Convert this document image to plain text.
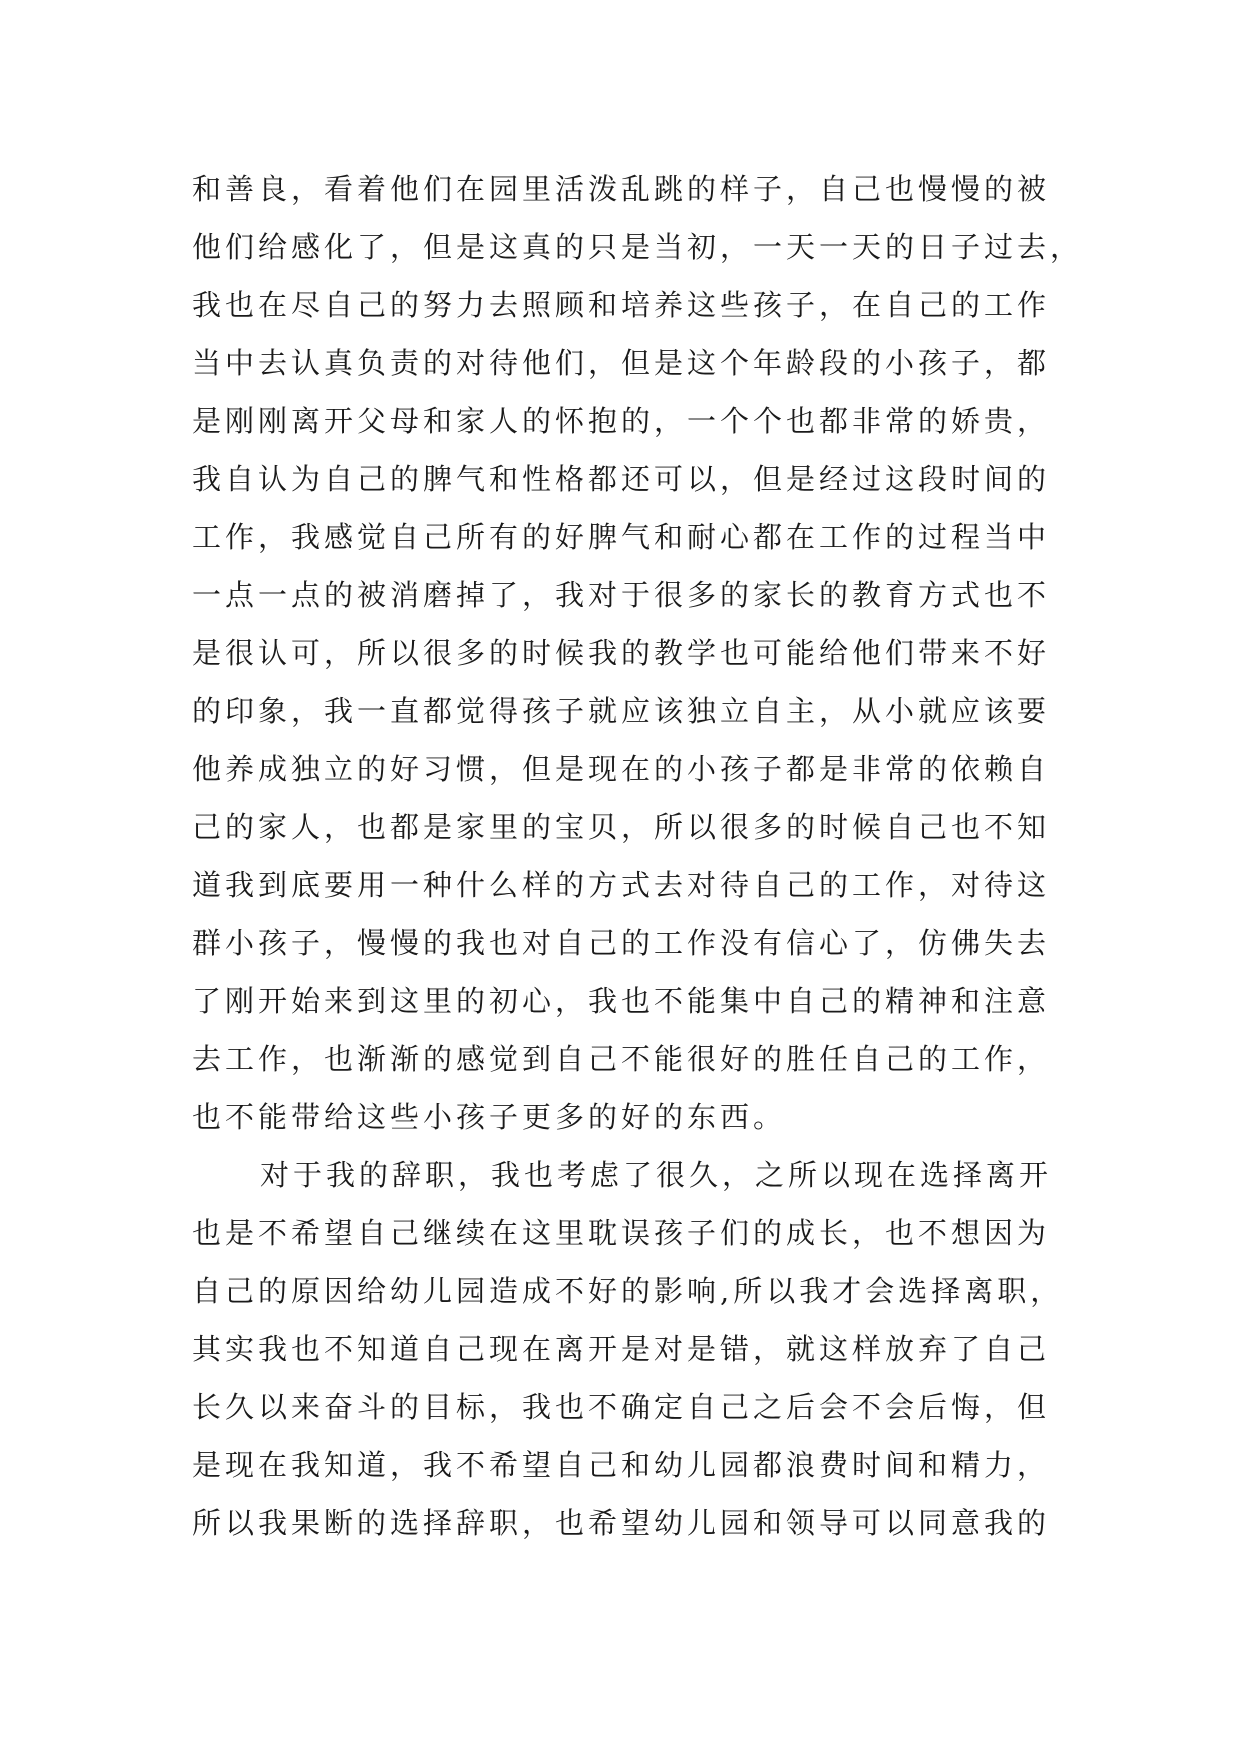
和善良，看着他们在园里活泼乱跳的样子，自己也慢慢的被
他们给感化了，但是这真的只是当初，一天一天的日子过去，
我也在尽自己的努力去照顾和培养这些孩子，在自己的工作
当中去认真负责的对待他们，但是这个年龄段的小孩子，都
是刚刚离开父母和家人的怀抱的，一个个也都非常的娇贵，
我自认为自己的脾气和性格都还可以，但是经过这段时间的
工作，我感觉自己所有的好脾气和耐心都在工作的过程当中
一点一点的被消磨掉了，我对于很多的家长的教育方式也不
是很认可，所以很多的时候我的教学也可能给他们带来不好
的印象，我一直都觉得孩子就应该独立自主，从小就应该要
他养成独立的好习惯，但是现在的小孩子都是非常的依赖自
己的家人，也都是家里的宝贝，所以很多的时候自己也不知
道我到底要用一种什么样的方式去对待自己的工作，对待这
群小孩子，慢慢的我也对自己的工作没有信心了，仿佛失去
了刚开始来到这里的初心，我也不能集中自己的精神和注意
去工作，也渐渐的感觉到自己不能很好的胜任自己的工作，
也不能带给这些小孩子更多的好的东西。
对于我的辞职，我也考虑了很久，之所以现在选择离开
也是不希望自己继续在这里耽误孩子们的成长，也不想因为
自己的原因给幼儿园造成不好的影响,所以我才会选择离职，
其实我也不知道自己现在离开是对是错，就这样放弃了自己
长久以来奋斗的目标，我也不确定自己之后会不会后悔，但
是现在我知道，我不希望自己和幼儿园都浪费时间和精力，
所以我果断的选择辞职，也希望幼儿园和领导可以同意我的
